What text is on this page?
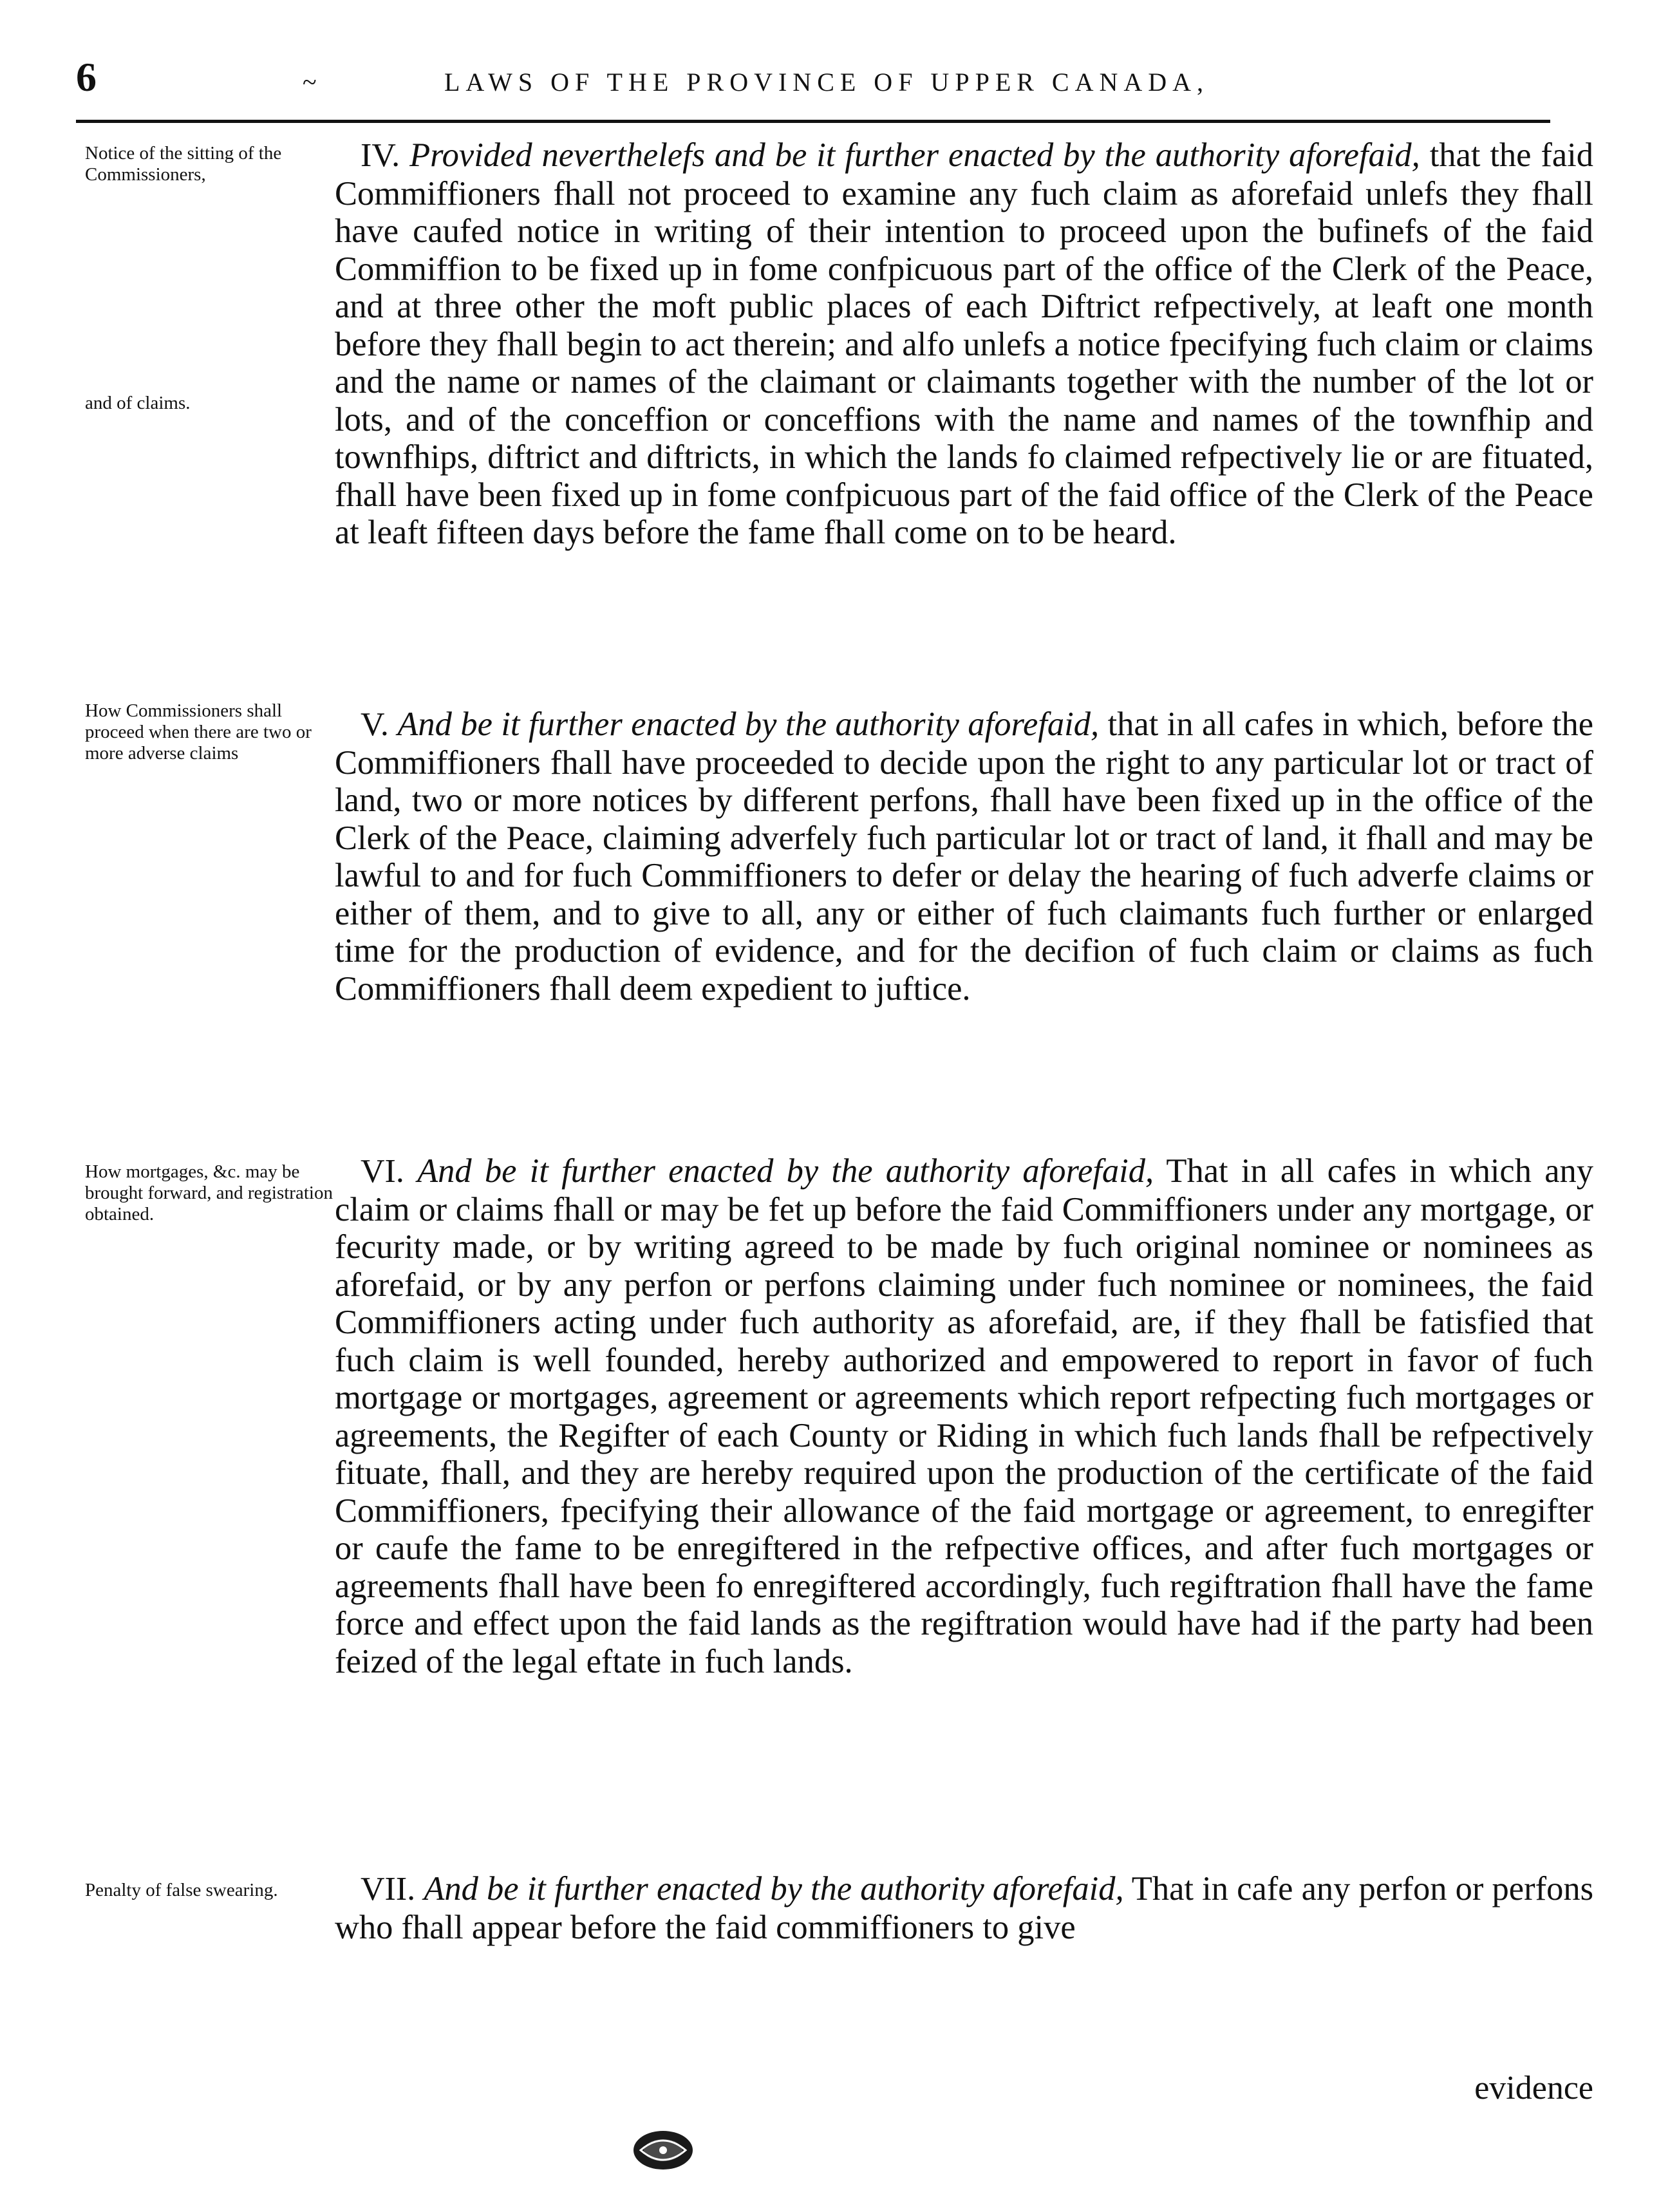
6	~	LAWS OF THE PROVINCE OF UPPER CANADA,
Notice of the sitting of the Commissioners,
and of claims.
How Commissioners shall proceed when there are two or more adverse claims
How mortgages, &c. may be brought forward, and registration obtained.
Penalty of false swearing.

IV. Provided neverthelefs and be it further enacted by the authority aforefaid, that the faid Commiffioners fhall not proceed to examine any fuch claim as aforefaid unlefs they fhall have caufed notice in writing of their intention to proceed upon the bufinefs of the faid Commiffion to be fixed up in fome confpicuous part of the office of the Clerk of the Peace, and at three other the moft public places of each Diftrict refpectively, at leaft one month before they fhall begin to act therein; and alfo unlefs a notice fpecifying fuch claim or claims and the name or names of the claimant or claimants together with the number of the lot or lots, and of the conceffion or conceffions with the name and names of the townfhip and townfhips, diftrict and diftricts, in which the lands fo claimed refpectively lie or are fituated, fhall have been fixed up in fome confpicuous part of the faid office of the Clerk of the Peace at leaft fifteen days before the fame fhall come on to be heard.

V. And be it further enacted by the authority aforefaid, that in all cafes in which, before the Commiffioners fhall have proceeded to decide upon the right to any particular lot or tract of land, two or more notices by different perfons, fhall have been fixed up in the office of the Clerk of the Peace, claiming adverfely fuch particular lot or tract of land, it fhall and may be lawful to and for fuch Commiffioners to defer or delay the hearing of fuch adverfe claims or either of them, and to give to all, any or either of fuch claimants fuch further or enlarged time for the production of evidence, and for the decifion of fuch claim or claims as fuch Commiffioners fhall deem expedient to juftice.

VI. And be it further enacted by the authority aforefaid, That in all cafes in which any claim or claims fhall or may be fet up before the faid Commiffioners under any mortgage, or fecurity made, or by writing agreed to be made by fuch original nominee or nominees as aforefaid, or by any perfon or perfons claiming under fuch nominee or nominees, the faid Commiffioners acting under fuch authority as aforefaid, are, if they fhall be fatisfied that fuch claim is well founded, hereby authorized and empowered to report in favor of fuch mortgage or mortgages, agreement or agreements which report refpecting fuch mortgages or agreements, the Regifter of each County or Riding in which fuch lands fhall be refpectively fituate, fhall, and they are hereby required upon the production of the certificate of the faid Commiffioners, fpecifying their allowance of the faid mortgage or agreement, to enregifter or caufe the fame to be enregiftered in the refpective offices, and after fuch mortgages or agreements fhall have been fo enregiftered accordingly, fuch regiftration fhall have the fame force and effect upon the faid lands as the regiftration would have had if the party had been feized of the legal eftate in fuch lands.

VII. And be it further enacted by the authority aforefaid, That in cafe any perfon or perfons who fhall appear before the faid commiffioners to give

evidence
